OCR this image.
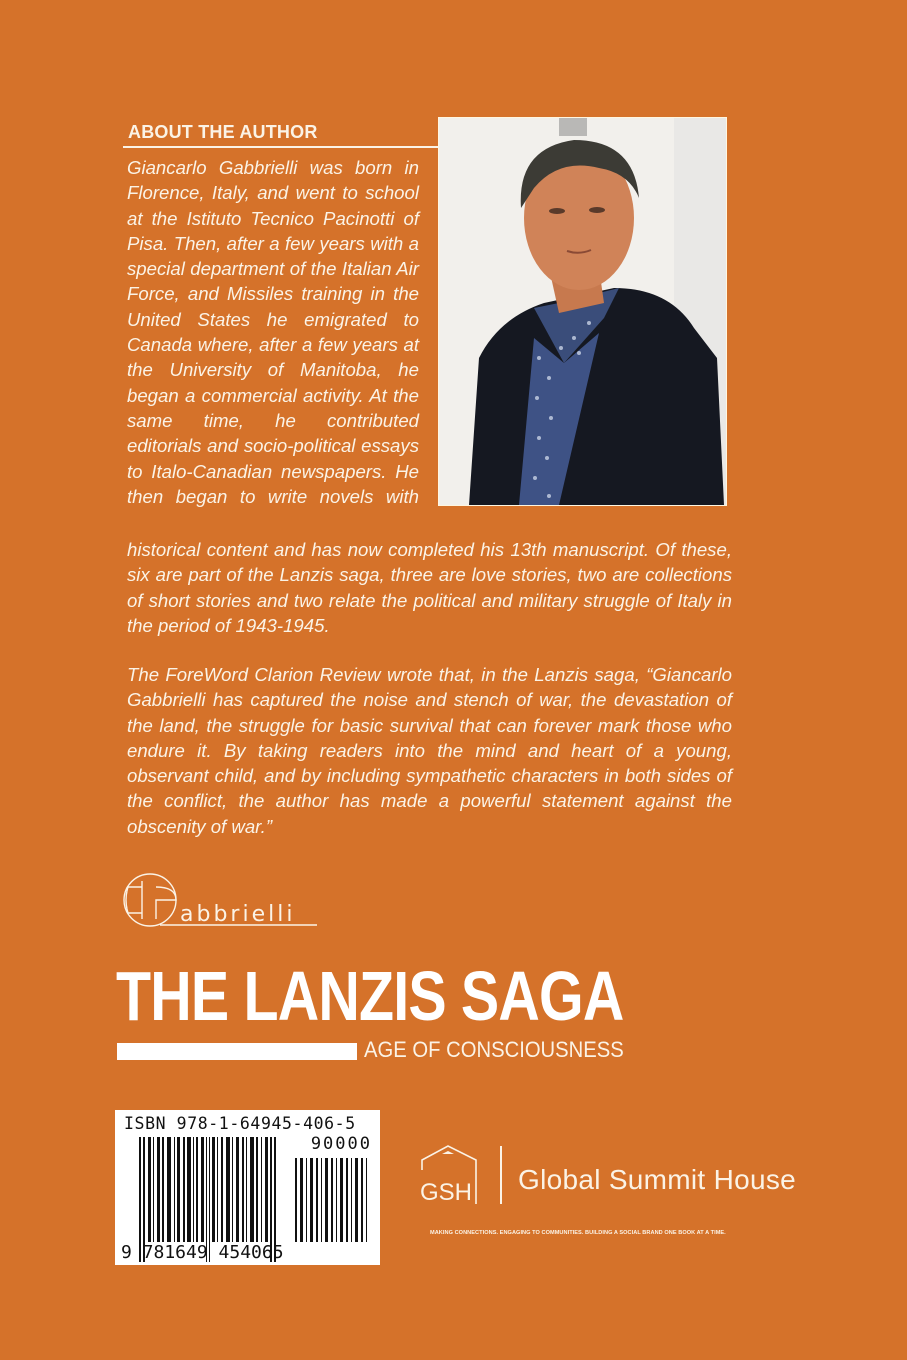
ABOUT THE AUTHOR
Giancarlo Gabbrielli was born in Florence, Italy, and went to school at the Istituto Tecnico Pacinotti of Pisa. Then, after a few years with a special department of the Italian Air Force, and Missiles training in the United States he emigrated to Canada where, after a few years at the University of Manitoba, he began a commercial activity. At the same time, he contributed editorials and socio-political essays to Italo-Canadian newspapers. He then began to write novels with
historical content and has now completed his 13th manuscript. Of these, six are part of the Lanzis saga, three are love stories, two are collections of short stories and two relate the political and military struggle of Italy in the period of 1943-1945.
The ForeWord Clarion Review wrote that, in the Lanzis saga, “Giancarlo Gabbrielli has captured the noise and stench of war, the devastation of the land, the struggle for basic survival that can forever mark those who endure it. By taking readers into the mind and heart of a young, observant child, and by including sympathetic characters in both sides of the conflict, the author has made a powerful statement against the obscenity of war.”
abbrielli
THE LANZIS SAGA
AGE OF CONSCIOUSNESS
ISBN 978-1-64945-406-5
90000
9 781649 454065
GSH Global Summit House
MAKING CONNECTIONS. ENGAGING TO COMMUNITIES. BUILDING A SOCIAL BRAND ONE BOOK AT A TIME.
